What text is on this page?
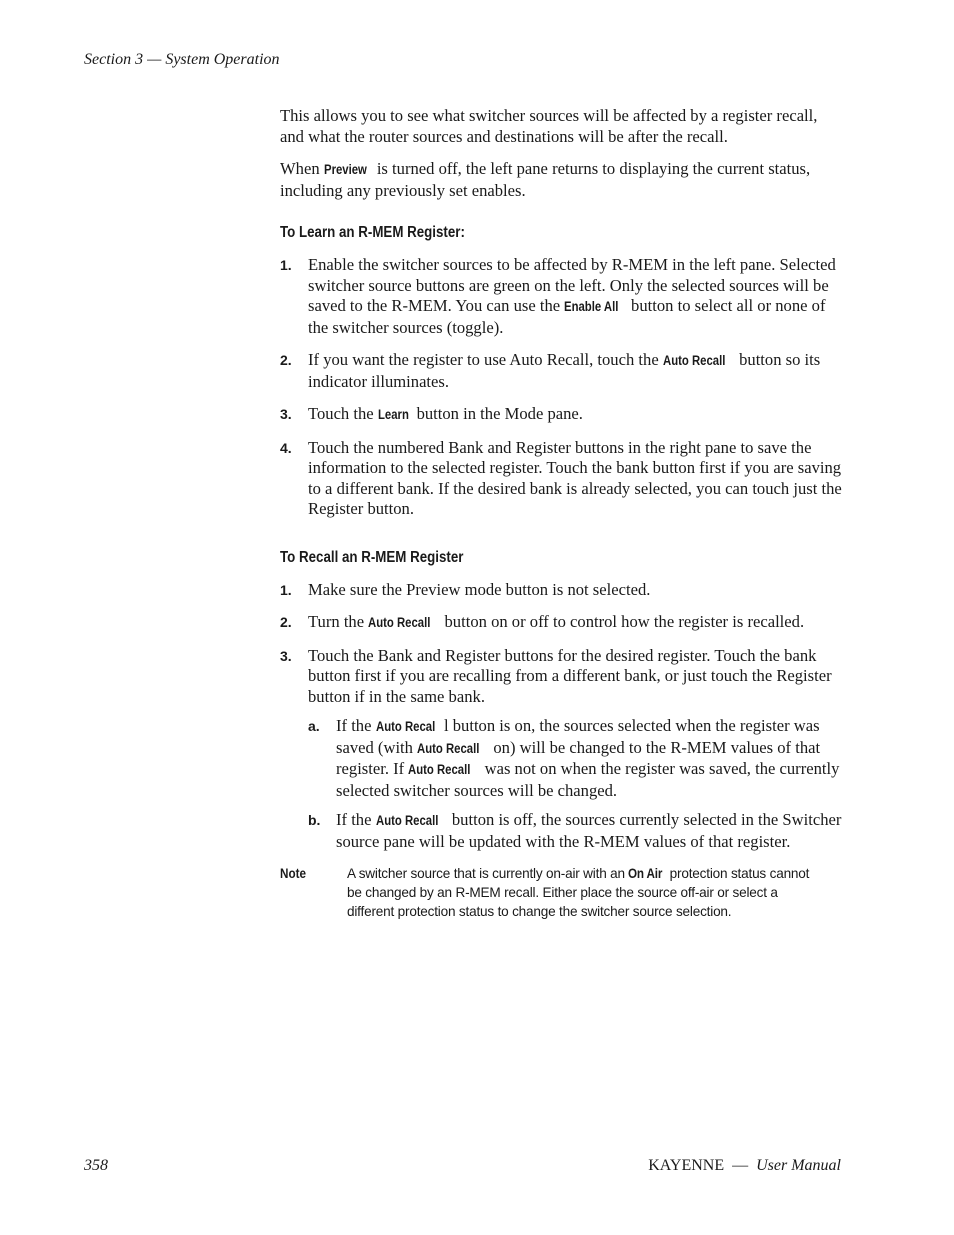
Section 3 — System Operation

This allows you to see what switcher sources will be affected by a register recall, and what the router sources and destinations will be after the recall.

When Preview is turned off, the left pane returns to displaying the current status, including any previously set enables.

To Learn an R-MEM Register:
1. Enable the switcher sources to be affected by R-MEM in the left pane. Selected switcher source buttons are green on the left. Only the selected sources will be saved to the R-MEM. You can use the Enable All button to select all or none of the switcher sources (toggle).
2. If you want the register to use Auto Recall, touch the Auto Recall button so its indicator illuminates.
3. Touch the Learn button in the Mode pane.
4. Touch the numbered Bank and Register buttons in the right pane to save the information to the selected register. Touch the bank button first if you are saving to a different bank. If the desired bank is already selected, you can touch just the Register button.
To Recall an R-MEM Register
1. Make sure the Preview mode button is not selected.
2. Turn the Auto Recall button on or off to control how the register is recalled.
3. Touch the Bank and Register buttons for the desired register. Touch the bank button first if you are recalling from a different bank, or just touch the Register button if in the same bank.
a. If the Auto Recal l button is on, the sources selected when the register was saved (with Auto Recall on) will be changed to the R-MEM values of that register. If Auto Recall was not on when the register was saved, the currently selected switcher sources will be changed.
b. If the Auto Recall button is off, the sources currently selected in the Switcher source pane will be updated with the R-MEM values of that register.
Note	A switcher source that is currently on-air with an On Air protection status cannot be changed by an R-MEM recall. Either place the source off-air or select a different protection status to change the switcher source selection.
358	KAYENNE — User Manual
